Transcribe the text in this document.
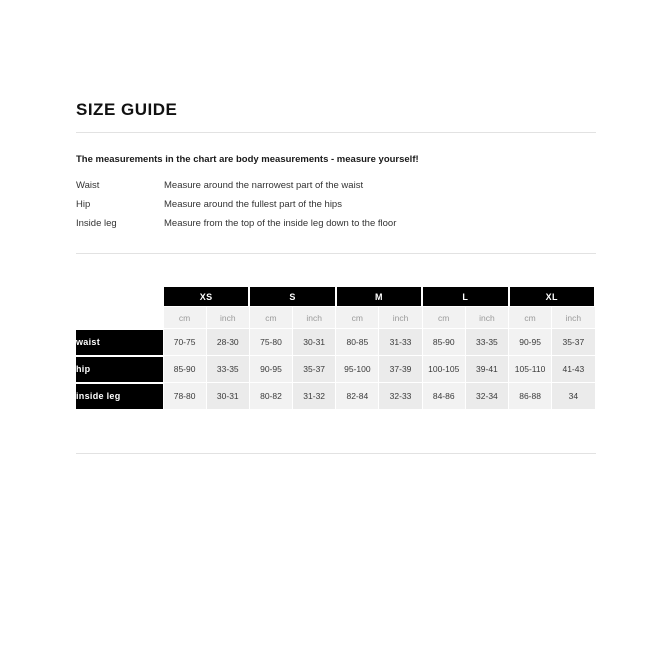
SIZE GUIDE
The measurements in the chart are body measurements - measure yourself!
Waist	Measure around the narrowest part of the waist
Hip	Measure around the fullest part of the hips
Inside leg	Measure from the top of the inside leg down to the floor
	XS		S		M		L		XL	
	cm	inch	cm	inch	cm	inch	cm	inch	cm	inch
waist	70-75	28-30	75-80	30-31	80-85	31-33	85-90	33-35	90-95	35-37
hip	85-90	33-35	90-95	35-37	95-100	37-39	100-105	39-41	105-110	41-43
inside leg	78-80	30-31	80-82	31-32	82-84	32-33	84-86	32-34	86-88	34
